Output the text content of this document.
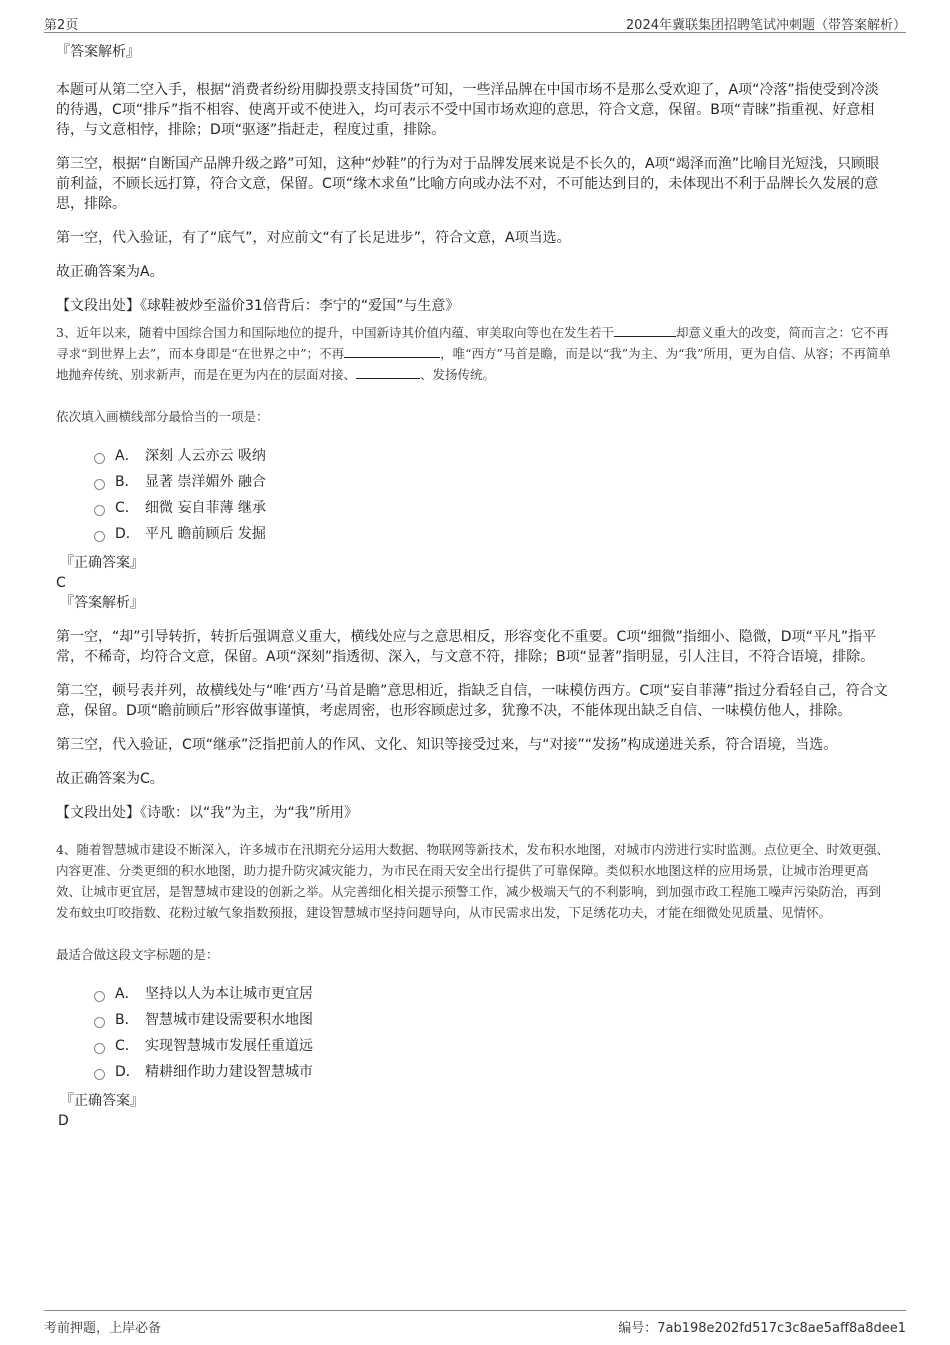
第2页	2024年冀联集团招聘笔试冲刺题（带答案解析）
『答案解析』

本题可从第二空入手，根据“消费者纷纷用脚投票支持国货”可知，一些洋品牌在中国市场不是那么受欢迎了，A项“冷落”指使受到冷淡的待遇，C项“排斥”指不相容、使离开或不使进入，均可表示不受中国市场欢迎的意思，符合文意，保留。B项“青睐”指重视、好意相待，与文意相悖，排除；D项“驱逐”指赶走，程度过重，排除。

第三空，根据“自断国产品牌升级之路”可知，这种“炒鞋”的行为对于品牌发展来说是不长久的，A项“竭泽而渔”比喻目光短浅，只顾眼前利益，不顾长远打算，符合文意，保留。C项“缘木求鱼”比喻方向或办法不对，不可能达到目的，未体现出不利于品牌长久发展的意思，排除。

第一空，代入验证，有了“底气”，对应前文“有了长足进步”，符合文意，A项当选。

故正确答案为A。

【文段出处】《球鞋被炒至溢价31倍背后：李宁的“爱国”与生意》

3、近年以来，随着中国综合国力和国际地位的提升，中国新诗其价值内蕴、审美取向等也在发生若干	却意义重大的改变，简而言之：它不再寻求“到世界上去”，而本身即是“在世界之中”；不再	，唯“西方”马首是瞻，而是以“我”为主、为“我”所用，更为自信、从容；不再简单地抛弃传统、别求新声，而是在更为内在的层面对接、	、发扬传统。

依次填入画横线部分最恰当的一项是：

A． 深刻 人云亦云 吸纳
B． 显著 崇洋媚外 融合
C． 细微 妄自菲薄 继承
D． 平凡 瞻前顾后 发掘
『正确答案』
C
『答案解析』

第一空，“却”引导转折，转折后强调意义重大，横线处应与之意思相反，形容变化不重要。C项“细微”指细小、隐微，D项“平凡”指平常，不稀奇，均符合文意，保留。A项“深刻”指透彻、深入，与文意不符，排除；B项“显著”指明显，引人注目，不符合语境，排除。

第二空，顿号表并列，故横线处与“唯‘西方’马首是瞻”意思相近，指缺乏自信，一味模仿西方。C项“妄自菲薄”指过分看轻自己，符合文意，保留。D项“瞻前顾后”形容做事谨慎，考虑周密，也形容顾虑过多，犹豫不决，不能体现出缺乏自信、一味模仿他人，排除。

第三空，代入验证，C项“继承”泛指把前人的作风、文化、知识等接受过来，与“对接”“发扬”构成递进关系，符合语境，当选。

故正确答案为C。

【文段出处】《诗歌：以“我”为主，为“我”所用》

4、随着智慧城市建设不断深入，许多城市在汛期充分运用大数据、物联网等新技术，发布积水地图，对城市内涝进行实时监测。点位更全、时效更强、内容更准、分类更细的积水地图，助力提升防灾减灾能力，为市民在雨天安全出行提供了可靠保障。类似积水地图这样的应用场景，让城市治理更高效、让城市更宜居，是智慧城市建设的创新之举。从完善细化相关提示预警工作，减少极端天气的不利影响，到加强市政工程施工噪声污染防治，再到发布蚊虫叮咬指数、花粉过敏气象指数预报，建设智慧城市坚持问题导向，从市民需求出发，下足绣花功夫，才能在细微处见质量、见情怀。

最适合做这段文字标题的是：

A． 坚持以人为本让城市更宜居
B． 智慧城市建设需要积水地图
C． 实现智慧城市发展任重道远
D． 精耕细作助力建设智慧城市
『正确答案』
D
考前押题，上岸必备	编号：7ab198e202fd517c3c8ae5aff8a8dee1
